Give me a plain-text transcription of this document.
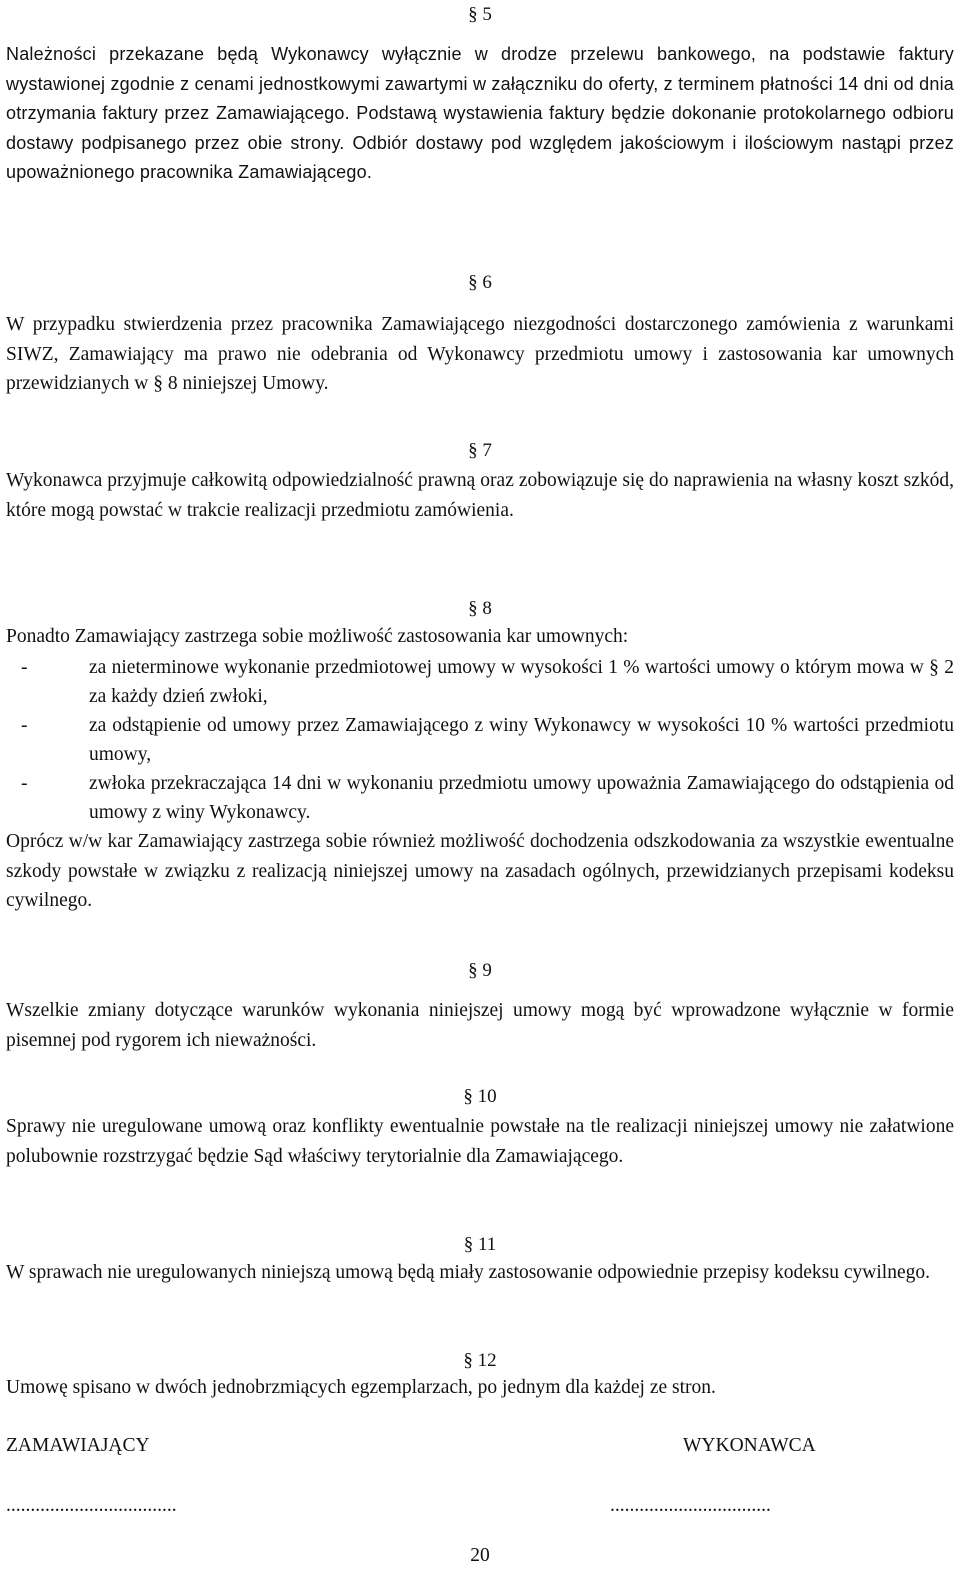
§ 5

Należności przekazane będą Wykonawcy wyłącznie w drodze przelewu bankowego, na podstawie faktury wystawionej zgodnie z cenami jednostkowymi zawartymi w załączniku do oferty, z terminem płatności 14 dni od dnia otrzymania faktury przez Zamawiającego. Podstawą wystawienia faktury będzie dokonanie protokolarnego odbioru dostawy podpisanego przez obie strony. Odbiór dostawy pod względem jakościowym i ilościowym nastąpi przez upoważnionego pracownika Zamawiającego.

§ 6

W przypadku stwierdzenia przez pracownika Zamawiającego niezgodności dostarczonego zamówienia z warunkami SIWZ, Zamawiający ma prawo nie odebrania od Wykonawcy przedmiotu umowy i zastosowania kar umownych przewidzianych w § 8 niniejszej Umowy.

§ 7

Wykonawca przyjmuje całkowitą odpowiedzialność prawną oraz zobowiązuje się do naprawienia na własny koszt szkód, które mogą powstać w trakcie realizacji przedmiotu zamówienia.

§ 8

Ponadto Zamawiający zastrzega sobie możliwość zastosowania kar umownych:

-	za nieterminowe wykonanie przedmiotowej umowy w wysokości 1 % wartości umowy o którym mowa w § 2 za każdy dzień zwłoki,
-	za odstąpienie od umowy przez Zamawiającego z winy Wykonawcy w wysokości 10 % wartości przedmiotu umowy,
-	zwłoka przekraczająca 14 dni w wykonaniu przedmiotu umowy upoważnia Zamawiającego do odstąpienia od umowy z winy Wykonawcy.

Oprócz w/w kar Zamawiający zastrzega sobie również możliwość dochodzenia odszkodowania za wszystkie ewentualne szkody powstałe w związku z realizacją niniejszej umowy na zasadach ogólnych, przewidzianych przepisami kodeksu cywilnego.

§ 9

Wszelkie zmiany dotyczące warunków wykonania niniejszej umowy mogą być wprowadzone wyłącznie w formie pisemnej pod rygorem ich nieważności.

§ 10

Sprawy nie uregulowane umową oraz konflikty ewentualnie powstałe na tle realizacji niniejszej umowy nie załatwione polubownie rozstrzygać będzie Sąd właściwy terytorialnie dla Zamawiającego.

§ 11

W sprawach nie uregulowanych niniejszą umową będą miały zastosowanie odpowiednie przepisy kodeksu cywilnego.

§ 12

Umowę spisano w dwóch jednobrzmiących egzemplarzach, po jednym dla każdej ze stron.

ZAMAWIAJĄCY	WYKONAWCA
...................................	.................................
20
